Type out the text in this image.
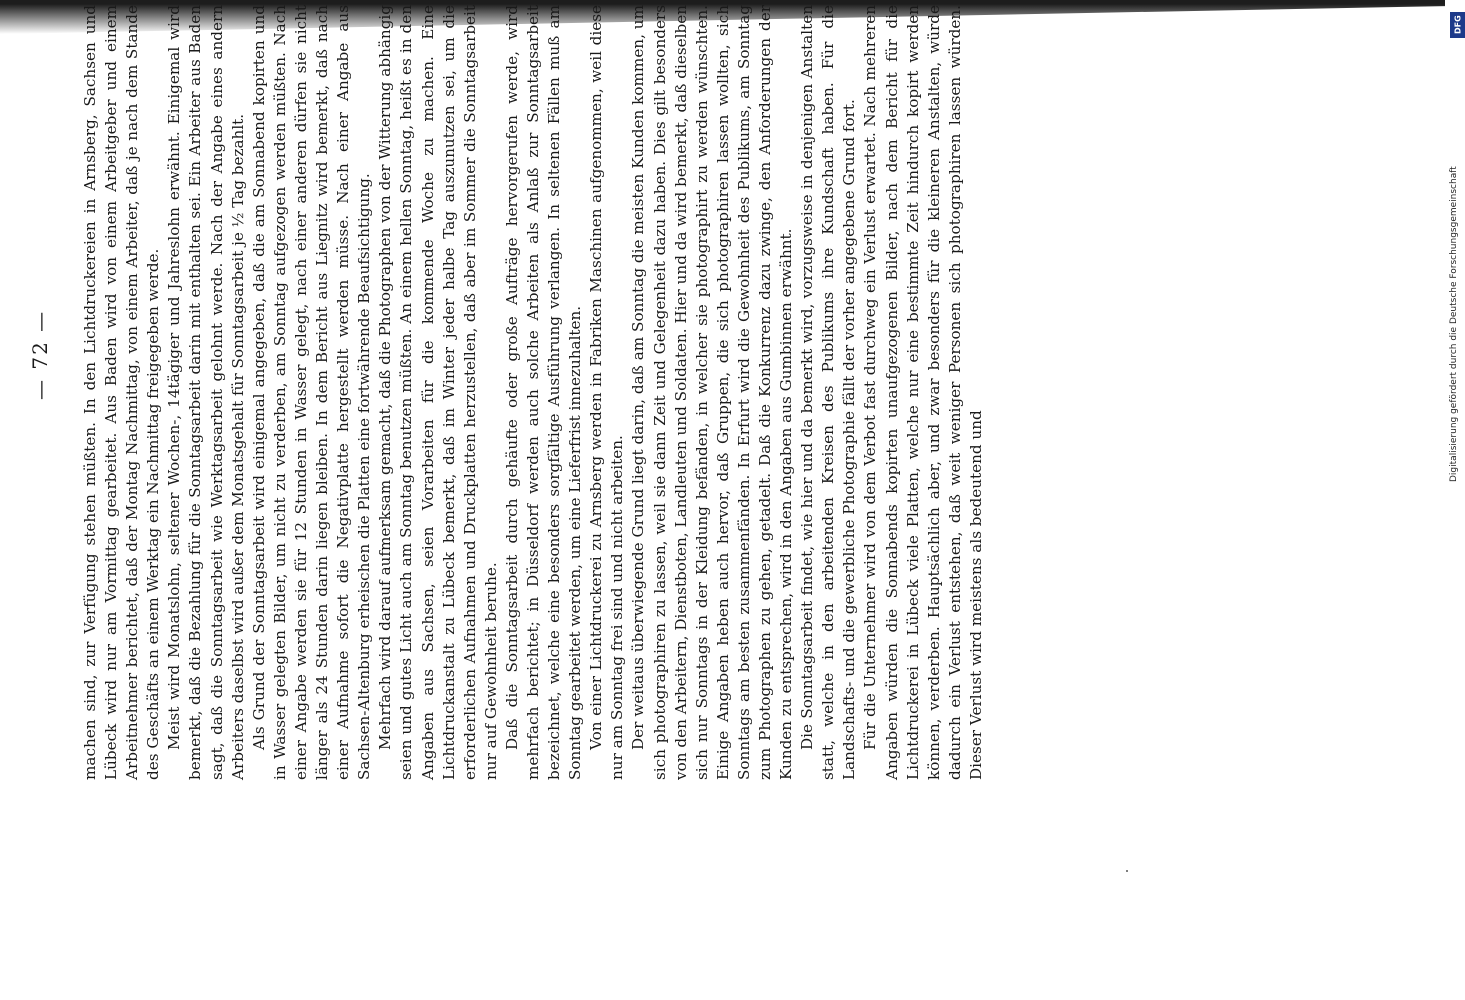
— 72 — machen sind, zur Verfügung stehen müßten. In den Lichtdruckereien in Arnsberg, Sachsen und Lübeck wird nur am Vormittag gearbeitet. Aus Baden wird von einem Arbeitgeber und einem Arbeitnehmer berichtet, daß der Montag Nachmittag, von einem Arbeiter, daß je nach dem Stande des Geschäfts an einem Werktag ein Nachmittag freigegeben werde. Meist wird Monatslohn, seltener Wochen-, 14tägiger und Jahreslohn erwähnt. Einigemal wird bemerkt, daß die Bezahlung für die Sonntagsarbeit darin mit enthalten sei. Ein Arbeiter aus Baden sagt, daß die Sonntagsarbeit wie Werktagsarbeit gelohnt werde. Nach der Angabe eines andern Arbeiters daselbst wird außer dem Monatsgehalt für Sonntagsarbeit je ½ Tag bezahlt. Als Grund der Sonntagsarbeit wird einigemal angegeben, daß die am Sonnabend kopirten und in Wasser gelegten Bilder, um nicht zu verderben, am Sonntag aufgezogen werden müßten. Nach einer Angabe werden sie für 12 Stunden in Wasser gelegt, nach einer anderen dürfen sie nicht länger als 24 Stunden darin liegen bleiben. In dem Bericht aus Liegnitz wird bemerkt, daß nach einer Aufnahme sofort die Negativplatte hergestellt werden müsse. Nach einer Angabe aus Sachsen-Altenburg erheischen die Platten eine fortwährende Beaufsichtigung. Mehrfach wird darauf aufmerksam gemacht, daß die Photographen von der Witterung abhängig seien und gutes Licht auch am Sonntag benutzen müßten. An einem hellen Sonntag, heißt es in den Angaben aus Sachsen, seien Vorarbeiten für die kommende Woche zu machen. Eine Lichtdruckanstalt zu Lübeck bemerkt, daß im Winter jeder halbe Tag auszunutzen sei, um die erforderlichen Aufnahmen und Druckplatten herzustellen, daß aber im Sommer die Sonntagsarbeit nur auf Gewohnheit beruhe. Daß die Sonntagsarbeit durch gehäufte oder große Aufträge hervorgerufen werde, wird mehrfach berichtet; in Düsseldorf werden auch solche Arbeiten als Anlaß zur Sonntagsarbeit bezeichnet, welche eine besonders sorgfältige Ausführung verlangen. In seltenen Fällen muß am Sonntag gearbeitet werden, um eine Lieferfrist innezuhalten. Von einer Lichtdruckerei zu Arnsberg werden in Fabriken Maschinen aufgenommen, weil diese nur am Sonntag frei sind und nicht arbeiten. Der weitaus überwiegende Grund liegt darin, daß am Sonntag die meisten Kunden kommen, um sich photographiren zu lassen, weil sie dann Zeit und Gelegenheit dazu haben. Dies gilt besonders von den Arbeitern, Dienstboten, Landleuten und Soldaten. Hier und da wird bemerkt, daß dieselben sich nur Sonntags in der Kleidung befänden, in welcher sie photographirt zu werden wünschten. Einige Angaben heben auch hervor, daß Gruppen, die sich photographiren lassen wollten, sich Sonntags am besten zusammenfänden. In Erfurt wird die Gewohnheit des Publikums, am Sonntag zum Photographen zu gehen, getadelt. Daß die Konkurrenz dazu zwinge, den Anforderungen der Kunden zu entsprechen, wird in den Angaben aus Gumbinnen erwähnt. Die Sonntagsarbeit findet, wie hier und da bemerkt wird, vorzugsweise in denjenigen Anstalten statt, welche in den arbeitenden Kreisen des Publikums ihre Kundschaft haben. Für die Landschafts- und die gewerbliche Photographie fällt der vorher angegebene Grund fort. Für die Unternehmer wird von dem Verbot fast durchweg ein Verlust erwartet. Nach mehreren Angaben würden die Sonnabends kopirten unaufgezogenen Bilder, nach dem Bericht für die Lichtdruckerei in Lübeck viele Platten, welche nur eine bestimmte Zeit hindurch kopirt werden können, verderben. Hauptsächlich aber, und zwar besonders für die kleineren Anstalten, würde dadurch ein Verlust entstehen, daß weit weniger Personen sich photographiren lassen würden. Dieser Verlust wird meistens als bedeutend und

DFG
Digitalisierung gefördert durch die Deutsche Forschungsgemeinschaft
